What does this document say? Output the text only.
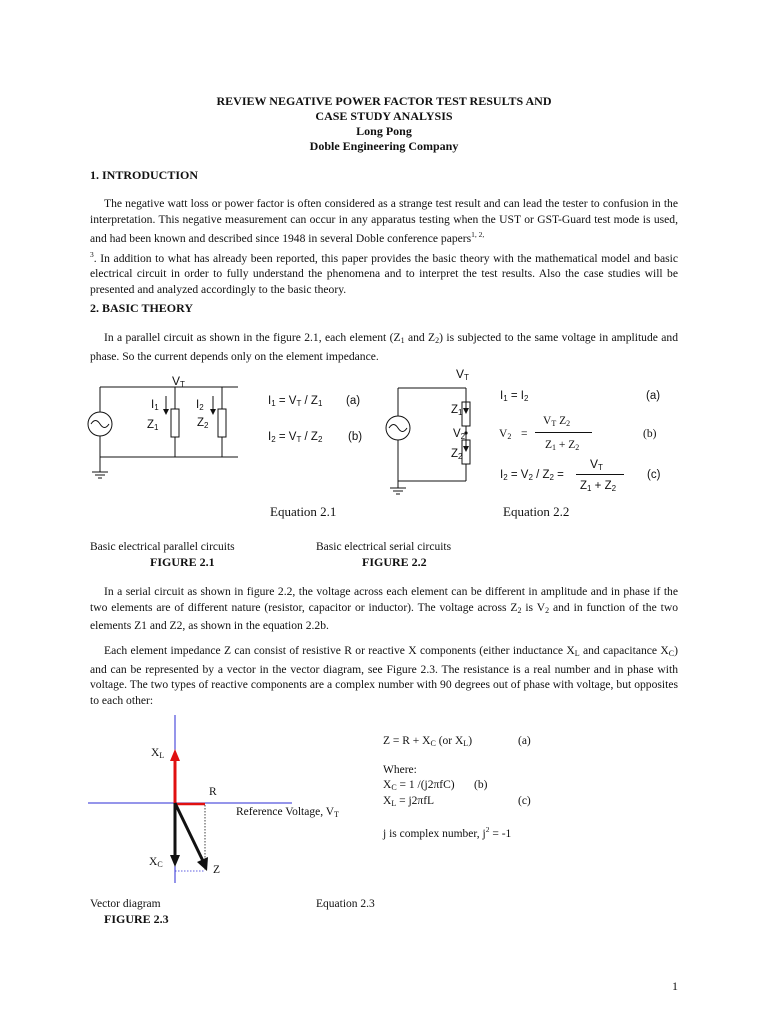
REVIEW NEGATIVE POWER FACTOR TEST RESULTS AND
CASE STUDY ANALYSIS
Long Pong
Doble Engineering Company
1. INTRODUCTION

The negative watt loss or power factor is often considered as a strange test result and can lead the tester to confusion in the interpretation. This negative measurement can occur in any apparatus testing when the UST or GST-Guard test mode is used, and had been known and described since 1948 in several Doble conference papers$^{1, 2,}$
$^3$. In addition to what has already been reported, this paper provides the basic theory with the mathematical model and basic electrical circuit in order to fully understand the phenomena and to interpret the test results. Also the case studies will be presented and analyzed accordingly to the basic theory.

2. BASIC THEORY

In a parallel circuit as shown in the figure 2.1, each element ($Z_1$ and $Z_2$) is subjected to the same voltage in amplitude and phase. So the current depends only on the element impedance.

$V_T$
$I_1$	$I_2$
$Z_1$	$Z_2$
$I_1 = V_T / Z_1$ (a)
$I_2 = V_T / Z_2$ (b)
$V_T$
$Z_1$
$V_2$
$Z_2$
$I_1 = I_2$	(a)
$V_2$ =
$V_T$ $Z_2$
$Z_1 + Z_2$
(b)
$V_T$
$I_2 = V_2 / Z_2$ =
$Z_1 + Z_2$
(c)
Equation 2.1	Equation 2.2
Basic electrical parallel circuits
FIGURE 2.1
Basic electrical serial circuits
FIGURE 2.2

In a serial circuit as shown in figure 2.2, the voltage across each element can be different in amplitude and in phase if the two elements are of different nature (resistor, capacitor or inductor). The voltage across $Z_2$ is $V_2$ and in function of the two elements Z1 and Z2, as shown in the equation 2.2b.

Each element impedance Z can consist of resistive R or reactive X components (either inductance $X_L$ and capacitance $X_C$) and can be represented by a vector in the vector diagram, see Figure 2.3. The resistance is a real number and in phase with voltage. The two types of reactive components are a complex number with 90 degrees out of phase with voltage, but opposites to each other:

$X_L$
R
Reference Voltage, $V_T$
$X_C$	Z
$Z = R + X_C$ (or $X_L$)	(a)
Where:
$X_C = 1$ /(j2πfC) (b)
$X_L = j2\pi fL$	(c)
j is complex number, $j^2 = -1$
Vector diagram
FIGURE 2.3
Equation 2.3
1
